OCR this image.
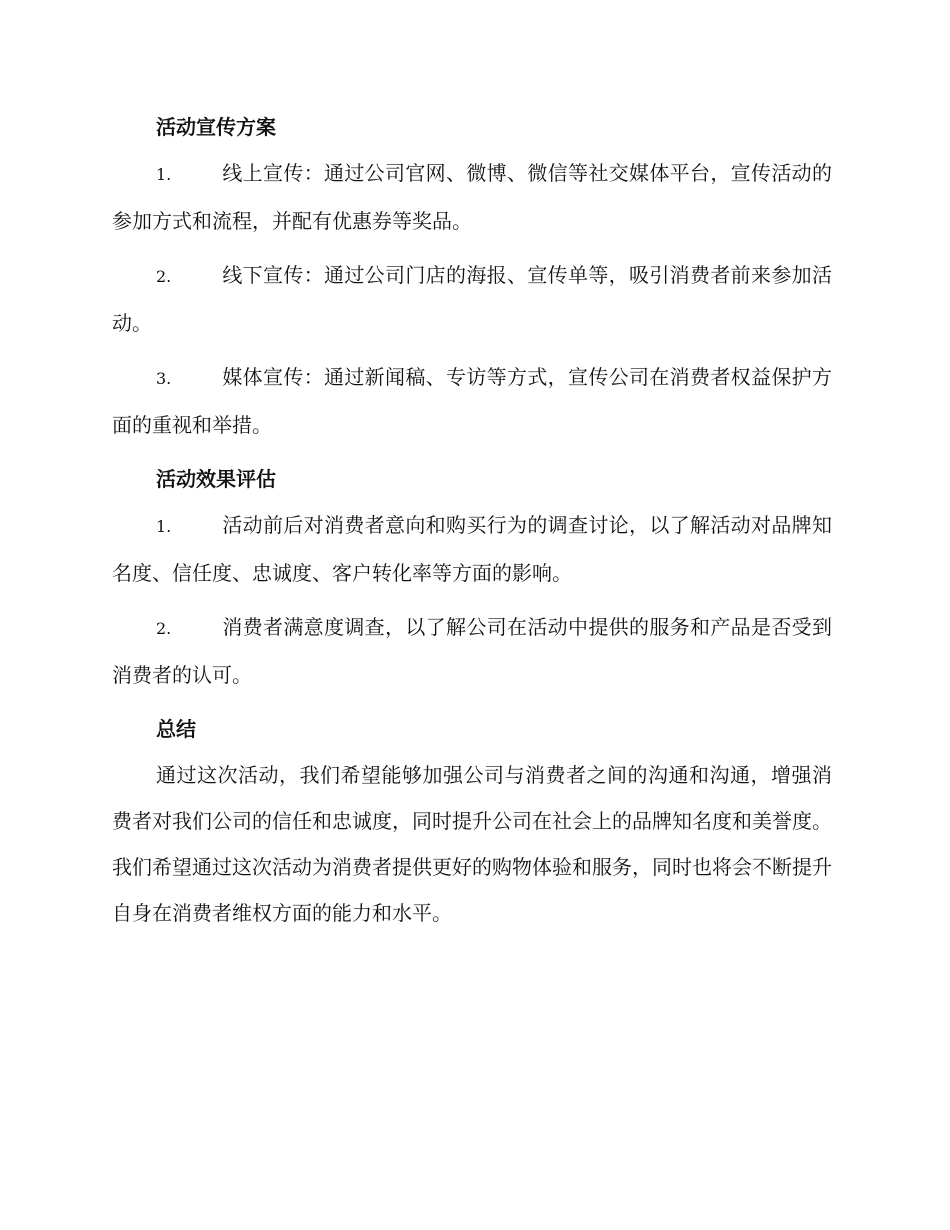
活动宣传方案

1.	线上宣传：通过公司官网、微博、微信等社交媒体平台，宣传活动的参加方式和流程，并配有优惠券等奖品。

2.	线下宣传：通过公司门店的海报、宣传单等，吸引消费者前来参加活动。

3.	媒体宣传：通过新闻稿、专访等方式，宣传公司在消费者权益保护方面的重视和举措。

活动效果评估

1.	活动前后对消费者意向和购买行为的调查讨论，以了解活动对品牌知名度、信任度、忠诚度、客户转化率等方面的影响。

2.	消费者满意度调查，以了解公司在活动中提供的服务和产品是否受到消费者的认可。

总结

通过这次活动，我们希望能够加强公司与消费者之间的沟通和沟通，增强消费者对我们公司的信任和忠诚度，同时提升公司在社会上的品牌知名度和美誉度。我们希望通过这次活动为消费者提供更好的购物体验和服务，同时也将会不断提升自身在消费者维权方面的能力和水平。
